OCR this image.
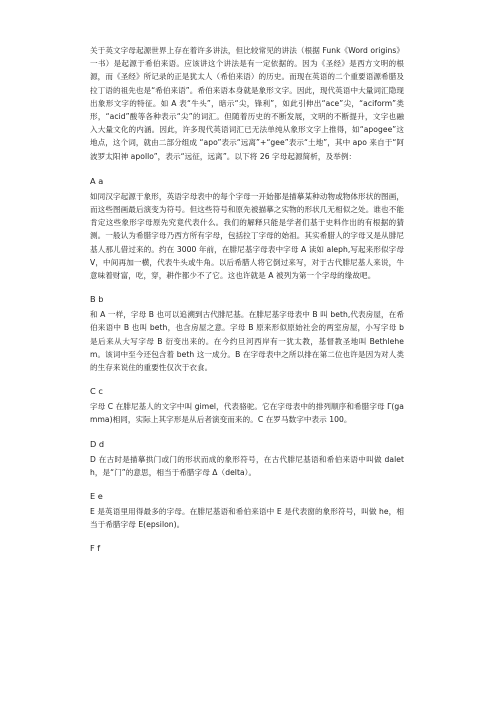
关于英文字母起源世界上存在着许多讲法，但比较常见的讲法（根据 Funk《Word origins》一书）是起源于希伯来语。应该讲这个讲法是有一定依据的。因为《圣经》是西方文明的根源，而《圣经》所记录的正是犹太人（希伯来语）的历史。而现在英语的二个重要语源希腊及拉丁语的祖先也是“希伯来语”。希伯来语本身就是象形文字。因此，现代英语中大量词汇隐现出象形文字的特征。如 A 表“牛头”，暗示“尖，锋利”，如此引伸出“ace”尖，“aciform”类形，“acid”酸等各种表示“尖”的词汇。但随着历史的不断发展，文明的不断提升，文字也融入大量文化的内涵。因此，许多现代英语词汇已无法单纯从象形文字上推得，如“apogee”这地点，这个词，就由二部分组成 “apo”表示“远离”+“gee”表示“土地”，其中 apo 来自于“阿波罗太阳神 apollo”，表示“远征，远离”。以下将 26 字母起源简析，及举例：

A a

如同汉字起源于象形，英语字母表中的每个字母一开始都是描摹某种动物或物体形状的图画，而这些图画最后演变为符号。但这些符号和原先被描摹之实物的形状几无相似之处。谁也不能肯定这些象形字母原先究竟代表什么。我们的解释只能是学者们基于史料作出的有根据的猜测。一般认为希腊字母乃西方所有字母，包括拉丁字母的始祖。其实希腊人的字母又是从腓尼基人那儿借过来的。约在 3000 年前，在腓尼基字母表中字母 A 读如 aleph,写起来形似字母 V，中间再加一横，代表牛头或牛角。以后希腊人将它倒过来写，对于古代腓尼基人来说，牛意味着财富，吃，穿，耕作都少不了它。这也许就是 A 被列为第一个字母的缘故吧。

B b

和 A 一样，字母 B 也可以追溯到古代腓尼基。在腓尼基字母表中 B 叫 beth,代表房屋，在希伯来语中 B 也叫 beth，也含房屋之意。字母 B 原来形似原始社会的两室房屋，小写字母 b 是后来从大写字母 B 衍变出来的。在今约旦河西岸有一犹太教，基督教圣地叫 Bethlehem。该词中至今还包含着 beth 这一成分。B 在字母表中之所以排在第二位也许是因为对人类的生存来说住的重要性仅次于衣食。

C c

字母 C 在腓尼基人的文字中叫 gimel，代表骆驼。它在字母表中的排列顺序和希腊字母 Γ(gamma)相同，实际上其字形是从后者演变而来的。C 在罗马数字中表示 100。

D d

D 在古时是描摹拱门或门的形状而成的象形符号，在古代腓尼基语和希伯来语中叫做 daleth，是“门”的意思，相当于希腊字母 Δ（delta）。

E e

E 是英语里用得最多的字母。在腓尼基语和希伯来语中 E 是代表窗的象形符号，叫做 he，相当于希腊字母 E(epsilon)。

F f
